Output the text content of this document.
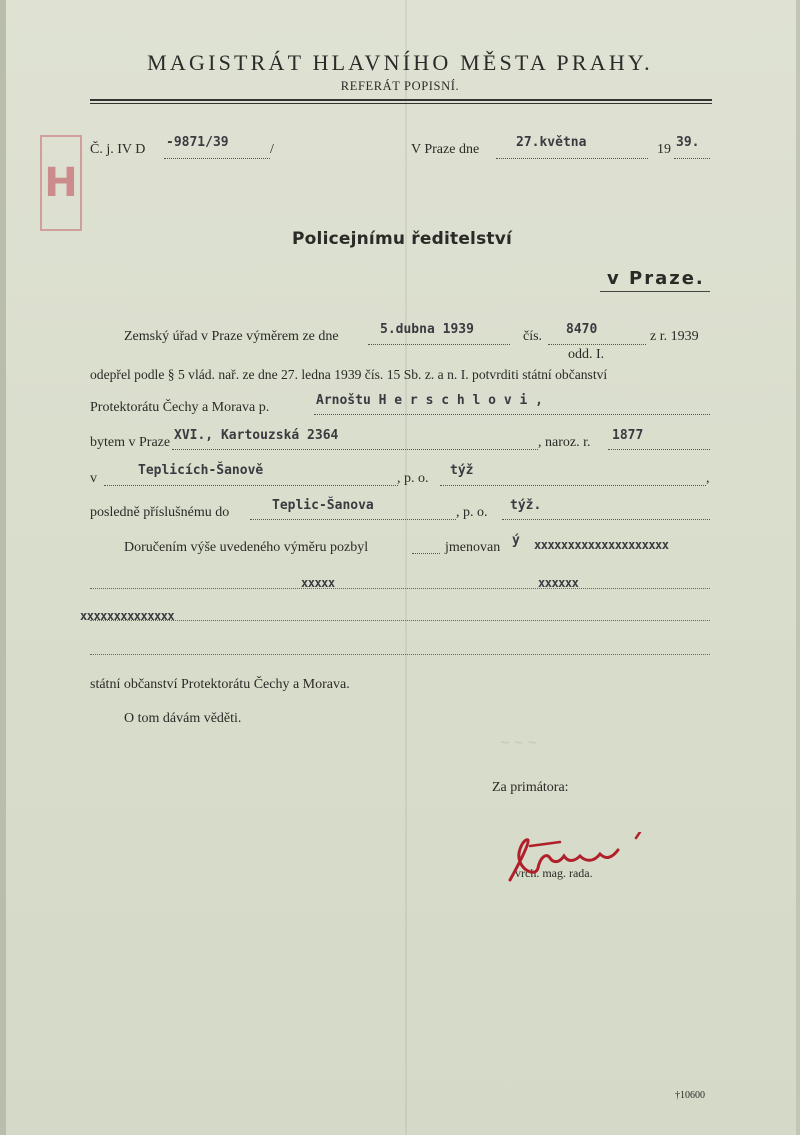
H
MAGISTRÁT HLAVNÍHO MĚSTA PRAHY.
REFERÁT POPISNÍ.
Č. j. IV D -9871/39	/	V Praze dne	27.května	19 39.
Policejnímu ředitelství
v Praze.
Zemský úřad v Praze výměrem ze dne	5.dubna 1939	čís. 8470	z r. 1939
odd. I.
odepřel podle § 5 vlád. nař. ze dne 27. ledna 1939 čís. 15 Sb. z. a n. I. potvrditi státní občanství
Protektorátu Čechy a Morava p.	Arnoštu H e r s c h l o v i ,
bytem v Praze XVI., Kartouzská 2364	, naroz. r. 1877
v
Teplicích-Šanově
, p. o.
týž
,
posledně příslušnému do	Teplic-Šanova	, p. o. týž.
Doručením výše uvedeného výměru pozbyl	jmenovan ý xxxxxxxxxxxxxxxxxxxx
xxxxx	xxxxxx
xxxxxxxxxxxxxx
státní občanství Protektorátu Čechy a Morava.
O tom dávám věděti.
~ ~ ~
Za primátora:
vrch. mag. rada.
†10600
